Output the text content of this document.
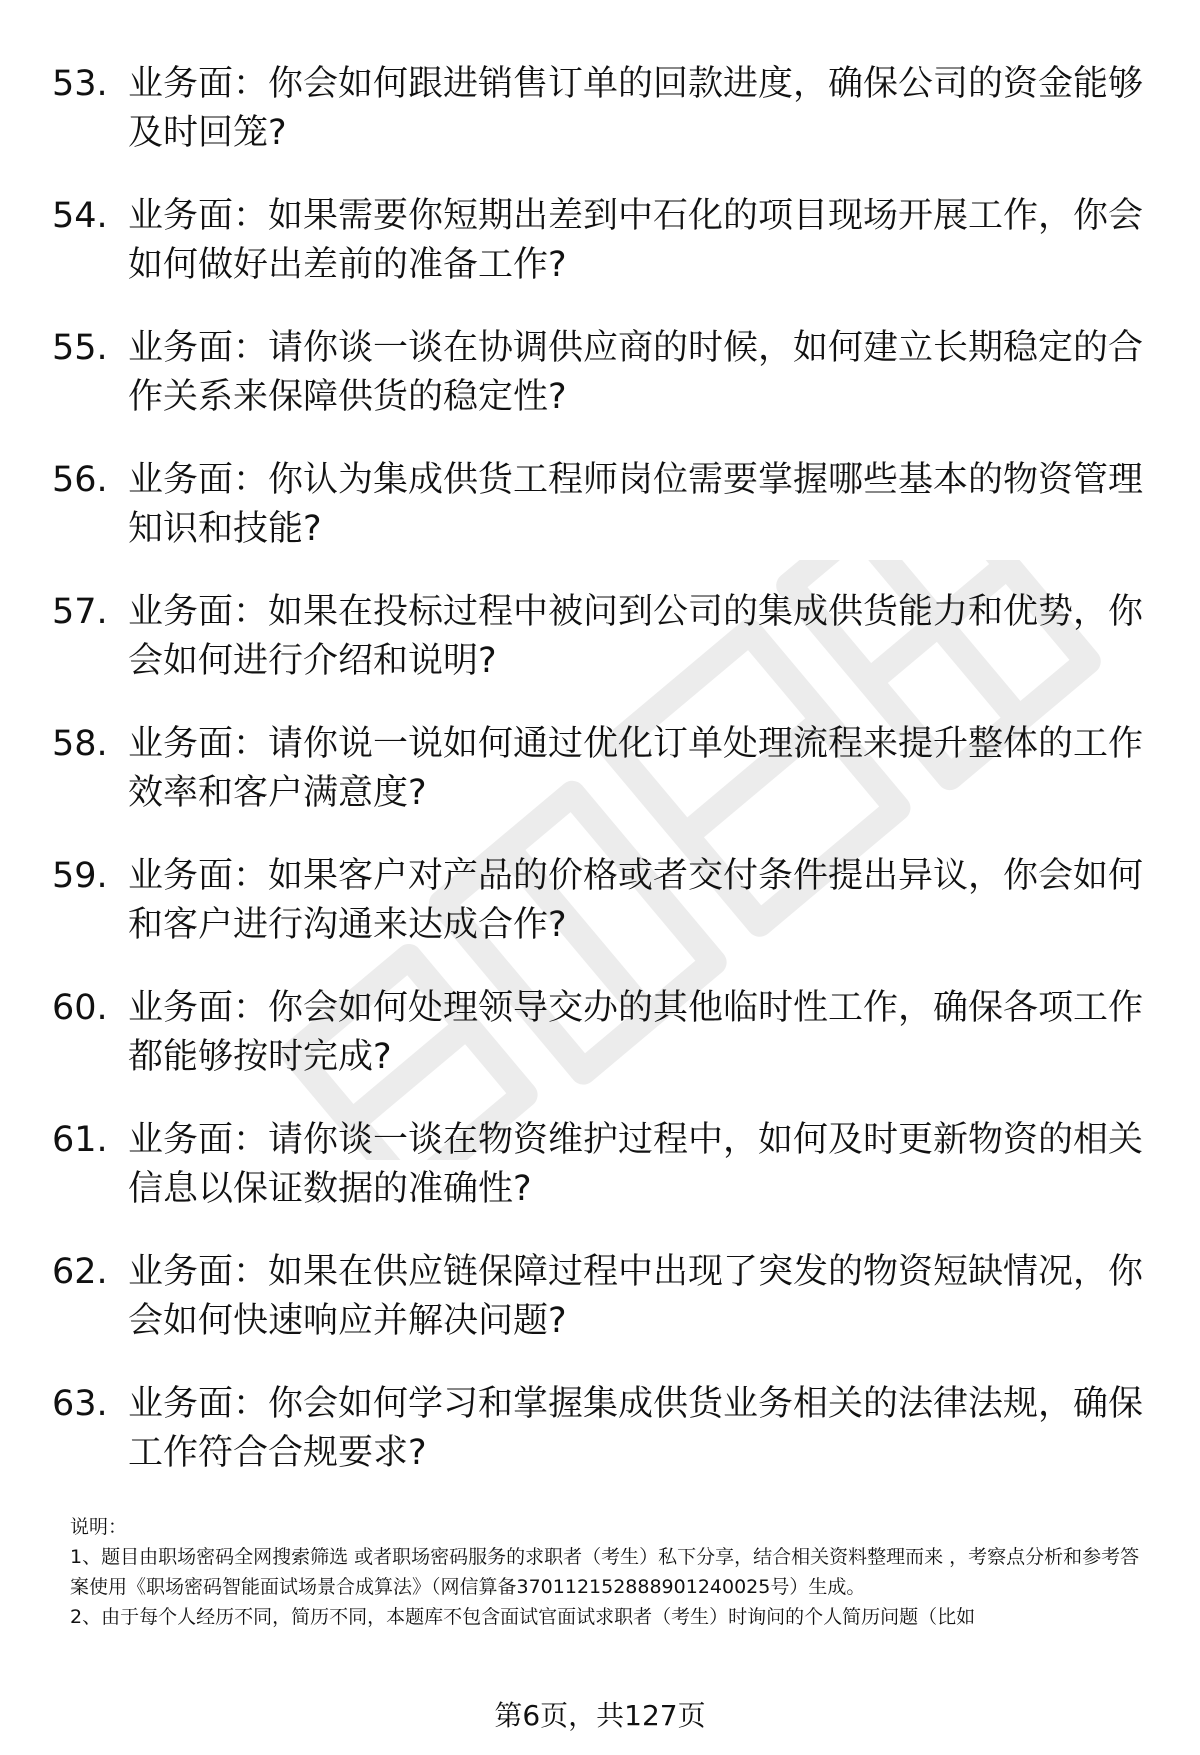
53. 业务面：你会如何跟进销售订单的回款进度，确保公司的资金能够及时回笼?
54. 业务面：如果需要你短期出差到中石化的项目现场开展工作，你会如何做好出差前的准备工作?
55. 业务面：请你谈一谈在协调供应商的时候，如何建立长期稳定的合作关系来保障供货的稳定性?
56. 业务面：你认为集成供货工程师岗位需要掌握哪些基本的物资管理知识和技能?
57. 业务面：如果在投标过程中被问到公司的集成供货能力和优势，你会如何进行介绍和说明?
58. 业务面：请你说一说如何通过优化订单处理流程来提升整体的工作效率和客户满意度?
59. 业务面：如果客户对产品的价格或者交付条件提出异议，你会如何和客户进行沟通来达成合作?
60. 业务面：你会如何处理领导交办的其他临时性工作，确保各项工作都能够按时完成?
61. 业务面：请你谈一谈在物资维护过程中，如何及时更新物资的相关信息以保证数据的准确性?
62. 业务面：如果在供应链保障过程中出现了突发的物资短缺情况，你会如何快速响应并解决问题?
63. 业务面：你会如何学习和掌握集成供货业务相关的法律法规，确保工作符合合规要求?

说明：

1、题目由职场密码全网搜索筛选 或者职场密码服务的求职者（考生）私下分享，结合相关资料整理而来 ，考察点分析和参考答案使用《职场密码智能面试场景合成算法》（网信算备370112152888901240025号）生成。

2、由于每个人经历不同，简历不同，本题库不包含面试官面试求职者（考生）时询问的个人简历问题（比如

第6页，共127页
